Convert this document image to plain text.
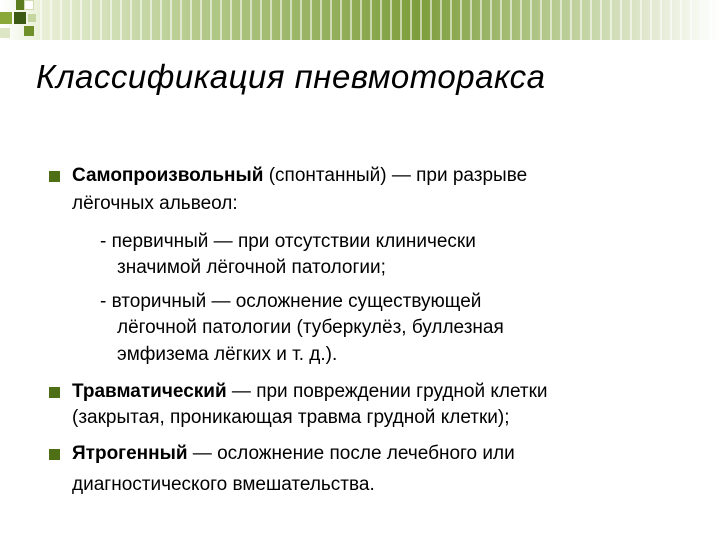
Классификация пневмоторакса
Самопроизвольный (спонтанный) — при разрыве
лёгочных альвеол:
- первичный — при отсутствии клинически
значимой лёгочной патологии;
- вторичный — осложнение существующей
лёгочной патологии (туберкулёз, буллезная
эмфизема лёгких и т. д.).
Травматический — при повреждении грудной клетки
(закрытая, проникающая травма грудной клетки);
Ятрогенный — осложнение после лечебного или
диагностического вмешательства.
